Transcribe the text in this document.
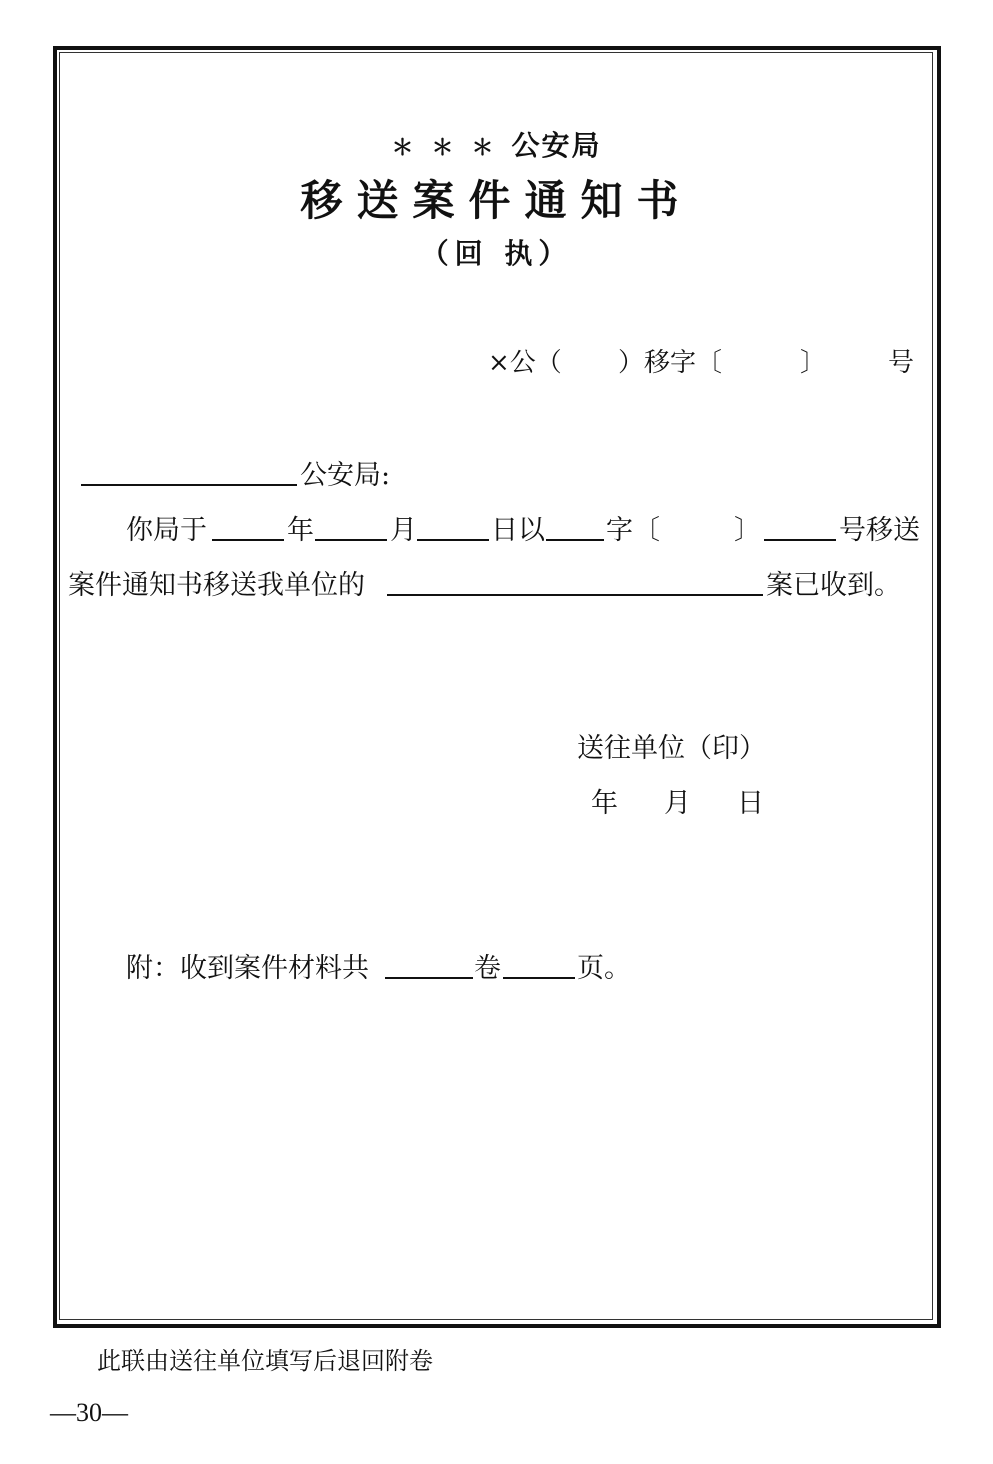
＊＊＊公安局
移送案件通知书
（回 执）
×公（ ）移字〔	〕 号
公安局:
你局于	年	月	日以 字〔	〕	号移送
案件通知书移送我单位的	案已收到。
送往单位（印）
年 月 日
附：收到案件材料共	卷	页。
此联由送往单位填写后退回附卷
—30—
